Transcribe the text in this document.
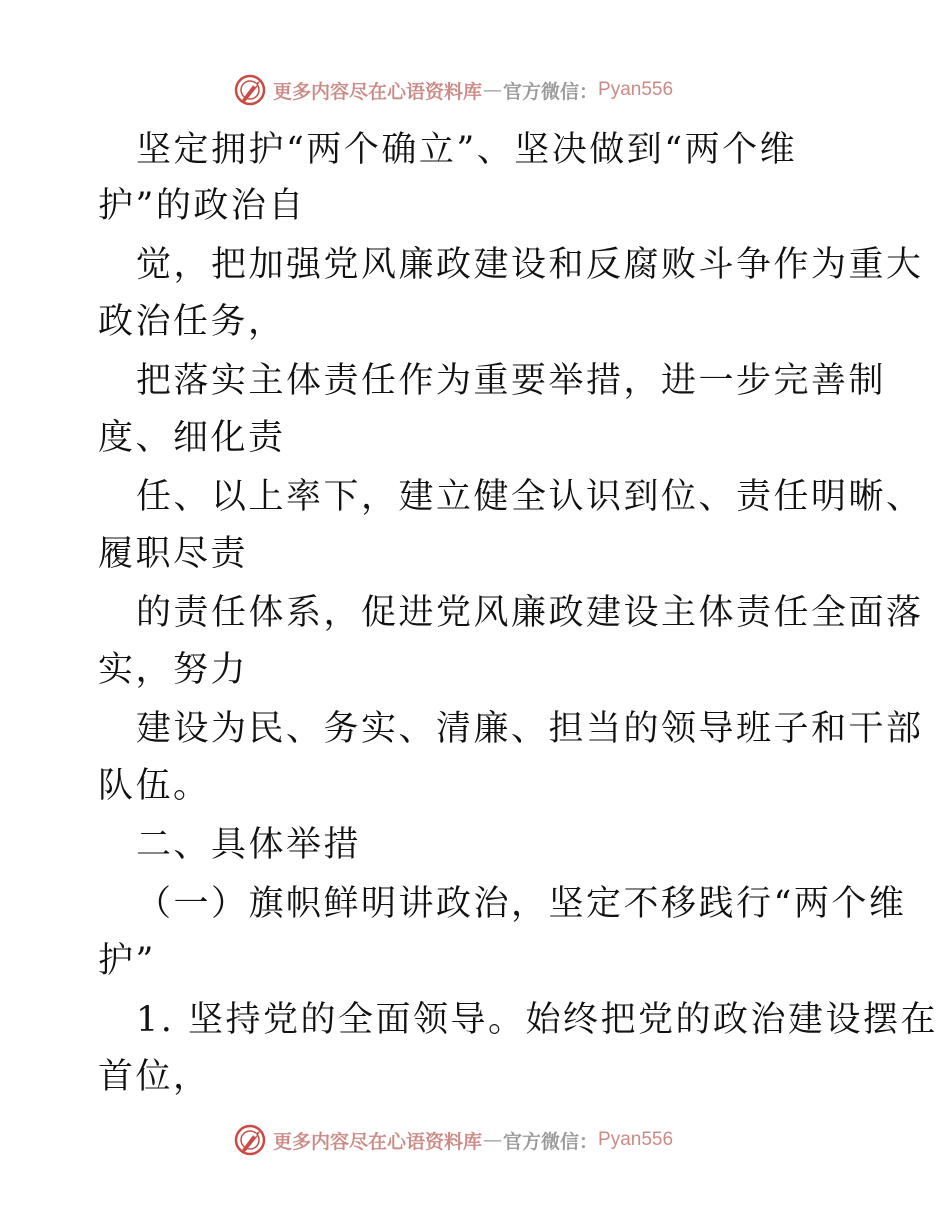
更多内容尽在心语资料库 — 官方微信： Pyan556
坚定拥护“两个确立”、坚决做到“两个维
护”的政治自
觉，把加强党风廉政建设和反腐败斗争作为重大
政治任务，
把落实主体责任作为重要举措，进一步完善制
度、细化责
任、以上率下，建立健全认识到位、责任明晰、
履职尽责
的责任体系，促进党风廉政建设主体责任全面落
实，努力
建设为民、务实、清廉、担当的领导班子和干部
队伍。
二、具体举措
（一）旗帜鲜明讲政治，坚定不移践行“两个维
护”
1. 坚持党的全面领导。始终把党的政治建设摆在
首位，
更多内容尽在心语资料库 — 官方微信： Pyan556
